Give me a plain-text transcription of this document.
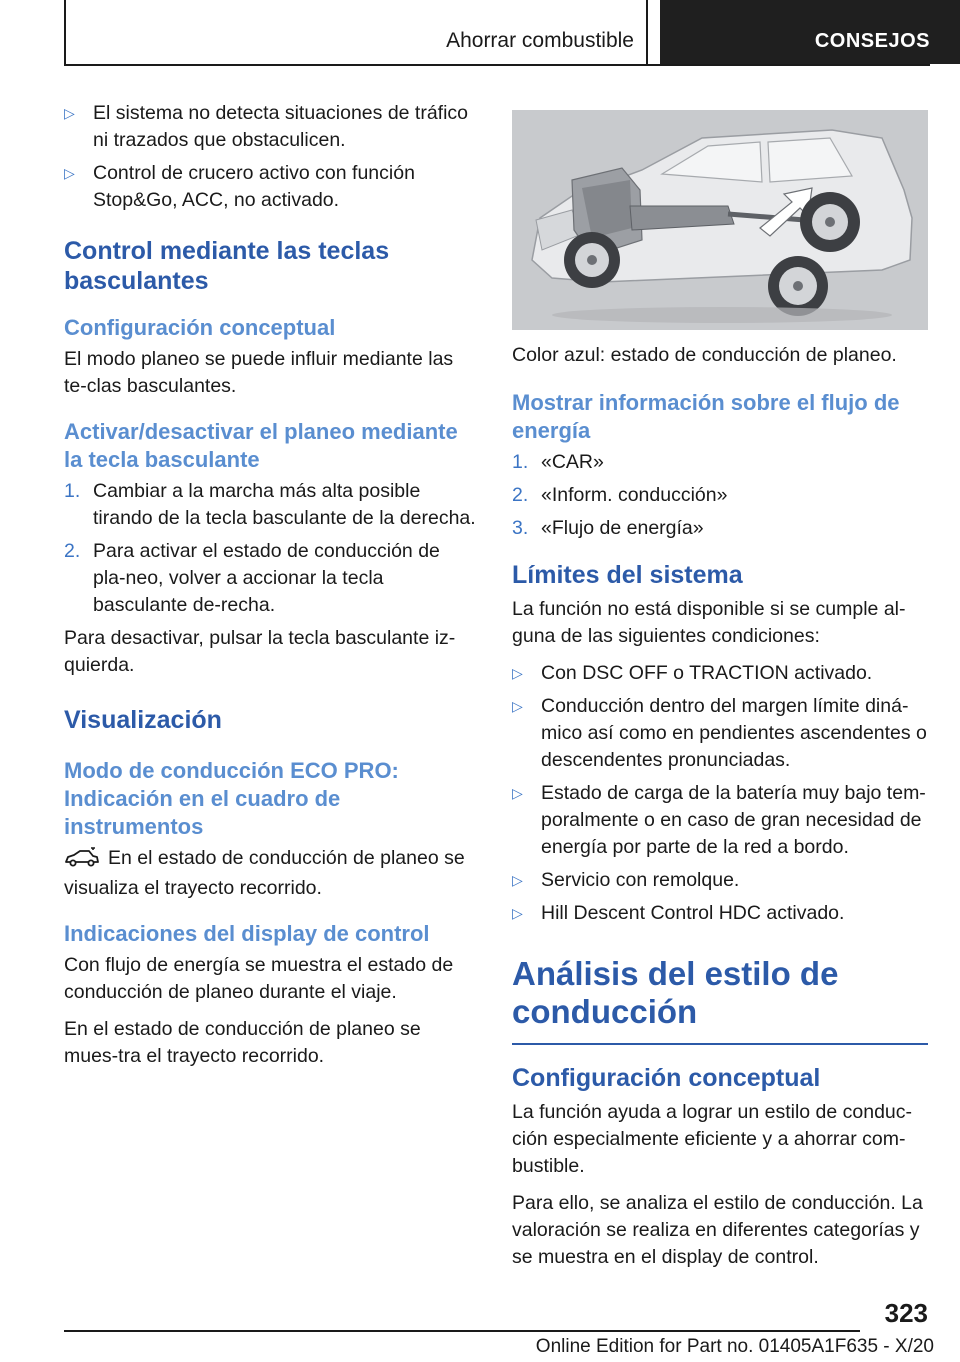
Ahorrar combustible	CONSEJOS
▷ El sistema no detecta situaciones de tráfico ni trazados que obstaculicen.
▷ Control de crucero activo con función Stop&Go, ACC, no activado.
Control mediante las teclas basculantes
Configuración conceptual

El modo planeo se puede influir mediante las te‐clas basculantes.

Activar/desactivar el planeo mediante la tecla basculante
1. Cambiar a la marcha más alta posible tirando de la tecla basculante de la derecha.
2. Para activar el estado de conducción de pla‐neo, volver a accionar la tecla basculante de‐recha.

Para desactivar, pulsar la tecla basculante iz‐quierda.

Visualización
Modo de conducción ECO PRO: Indicación en el cuadro de instrumentos

En el estado de conducción de planeo se visualiza el trayecto recorrido.

Indicaciones del display de control

Con flujo de energía se muestra el estado de conducción de planeo durante el viaje.

En el estado de conducción de planeo se mues‐tra el trayecto recorrido.

Color azul: estado de conducción de planeo.

Mostrar información sobre el flujo de energía
1. «CAR»
2. «Inform. conducción»
3. «Flujo de energía»
Límites del sistema

La función no está disponible si se cumple al‐guna de las siguientes condiciones:

▷ Con DSC OFF o TRACTION activado.
▷ Conducción dentro del margen límite diná‐mico así como en pendientes ascendentes o descendentes pronunciadas.
▷ Estado de carga de la batería muy bajo tem‐poralmente o en caso de gran necesidad de energía por parte de la red a bordo.
▷ Servicio con remolque.
▷ Hill Descent Control HDC activado.
Análisis del estilo de conducción
Configuración conceptual

La función ayuda a lograr un estilo de conduc‐ción especialmente eficiente y a ahorrar com‐bustible.

Para ello, se analiza el estilo de conducción. La valoración se realiza en diferentes categorías y se muestra en el display de control.

323
Online Edition for Part no. 01405A1F635 - X/20
